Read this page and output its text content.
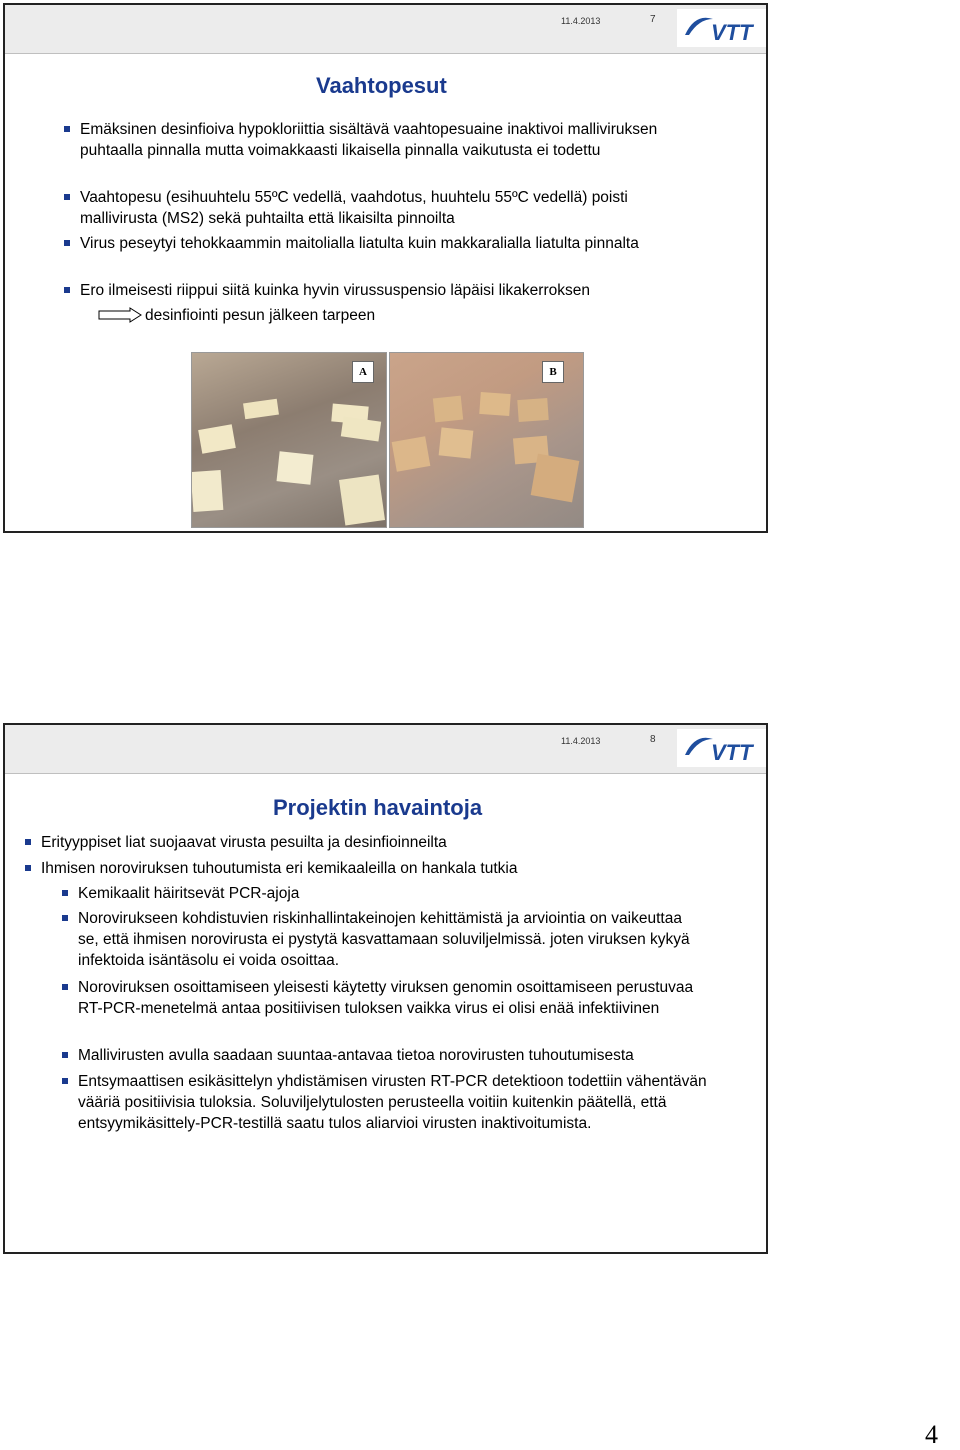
11.4.2013	7
VTT
Vaahtopesut
Emäksinen desinfioiva hypokloriittia sisältävä vaahtopesuaine inaktivoi malliviruksen puhtaalla pinnalla mutta voimakkaasti likaisella pinnalla vaikutusta ei todettu
Vaahtopesu (esihuuhtelu 55ºC vedellä, vaahdotus, huuhtelu 55ºC vedellä) poisti mallivirusta (MS2) sekä puhtailta että likaisilta pinnoilta
Virus peseytyi tehokkaammin maitolialla liatulta kuin makkaralialla liatulta pinnalta
Ero ilmeisesti riippui siitä kuinka hyvin virussuspensio läpäisi likakerroksen
desinfiointi pesun jälkeen tarpeen
A	B
11.4.2013	8
VTT
Projektin havaintoja
Erityyppiset liat suojaavat virusta pesuilta ja desinfioinneilta
Ihmisen noroviruksen tuhoutumista eri kemikaaleilla on hankala tutkia
Kemikaalit häiritsevät PCR-ajoja
Norovirukseen kohdistuvien riskinhallintakeinojen kehittämistä ja arviointia on vaikeuttaa se, että ihmisen norovirusta ei pystytä kasvattamaan soluviljelmissä. joten viruksen kykyä infektoida isäntäsolu ei voida osoittaa.
Noroviruksen osoittamiseen yleisesti käytetty viruksen genomin osoittamiseen perustuvaa RT-PCR-menetelmä antaa positiivisen tuloksen vaikka virus ei olisi enää infektiivinen
Mallivirusten avulla saadaan suuntaa-antavaa tietoa norovirusten tuhoutumisesta
Entsymaattisen esikäsittelyn yhdistämisen virusten RT-PCR detektioon todettiin vähentävän vääriä positiivisia tuloksia. Soluviljelytulosten perusteella voitiin kuitenkin päätellä, että entsyymikäsittely-PCR-testillä saatu tulos aliarvioi virusten inaktivoitumista.
4
